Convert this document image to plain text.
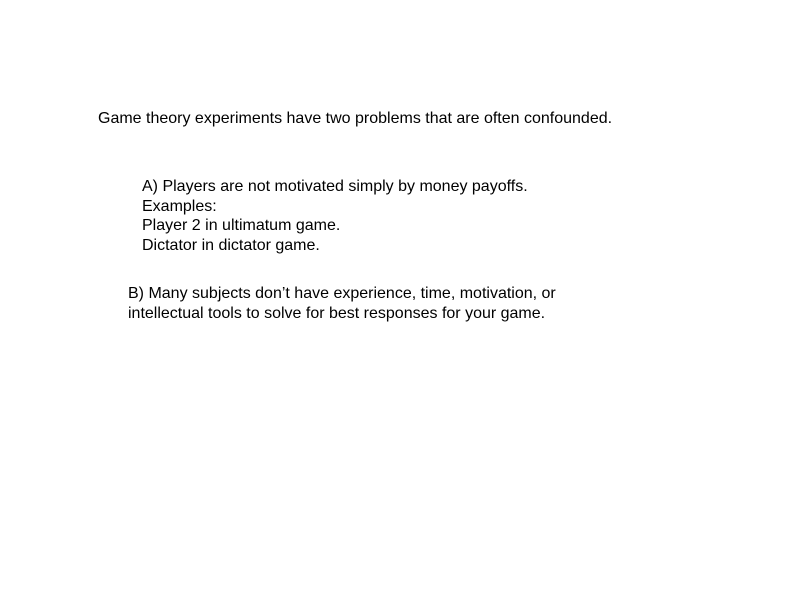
Game theory experiments have two problems that are often confounded.
A) Players are not motivated simply by money payoffs.
Examples:
Player 2 in ultimatum game.
Dictator in dictator game.
B) Many subjects don’t have experience, time, motivation, or
intellectual tools to solve for best responses for your game.
